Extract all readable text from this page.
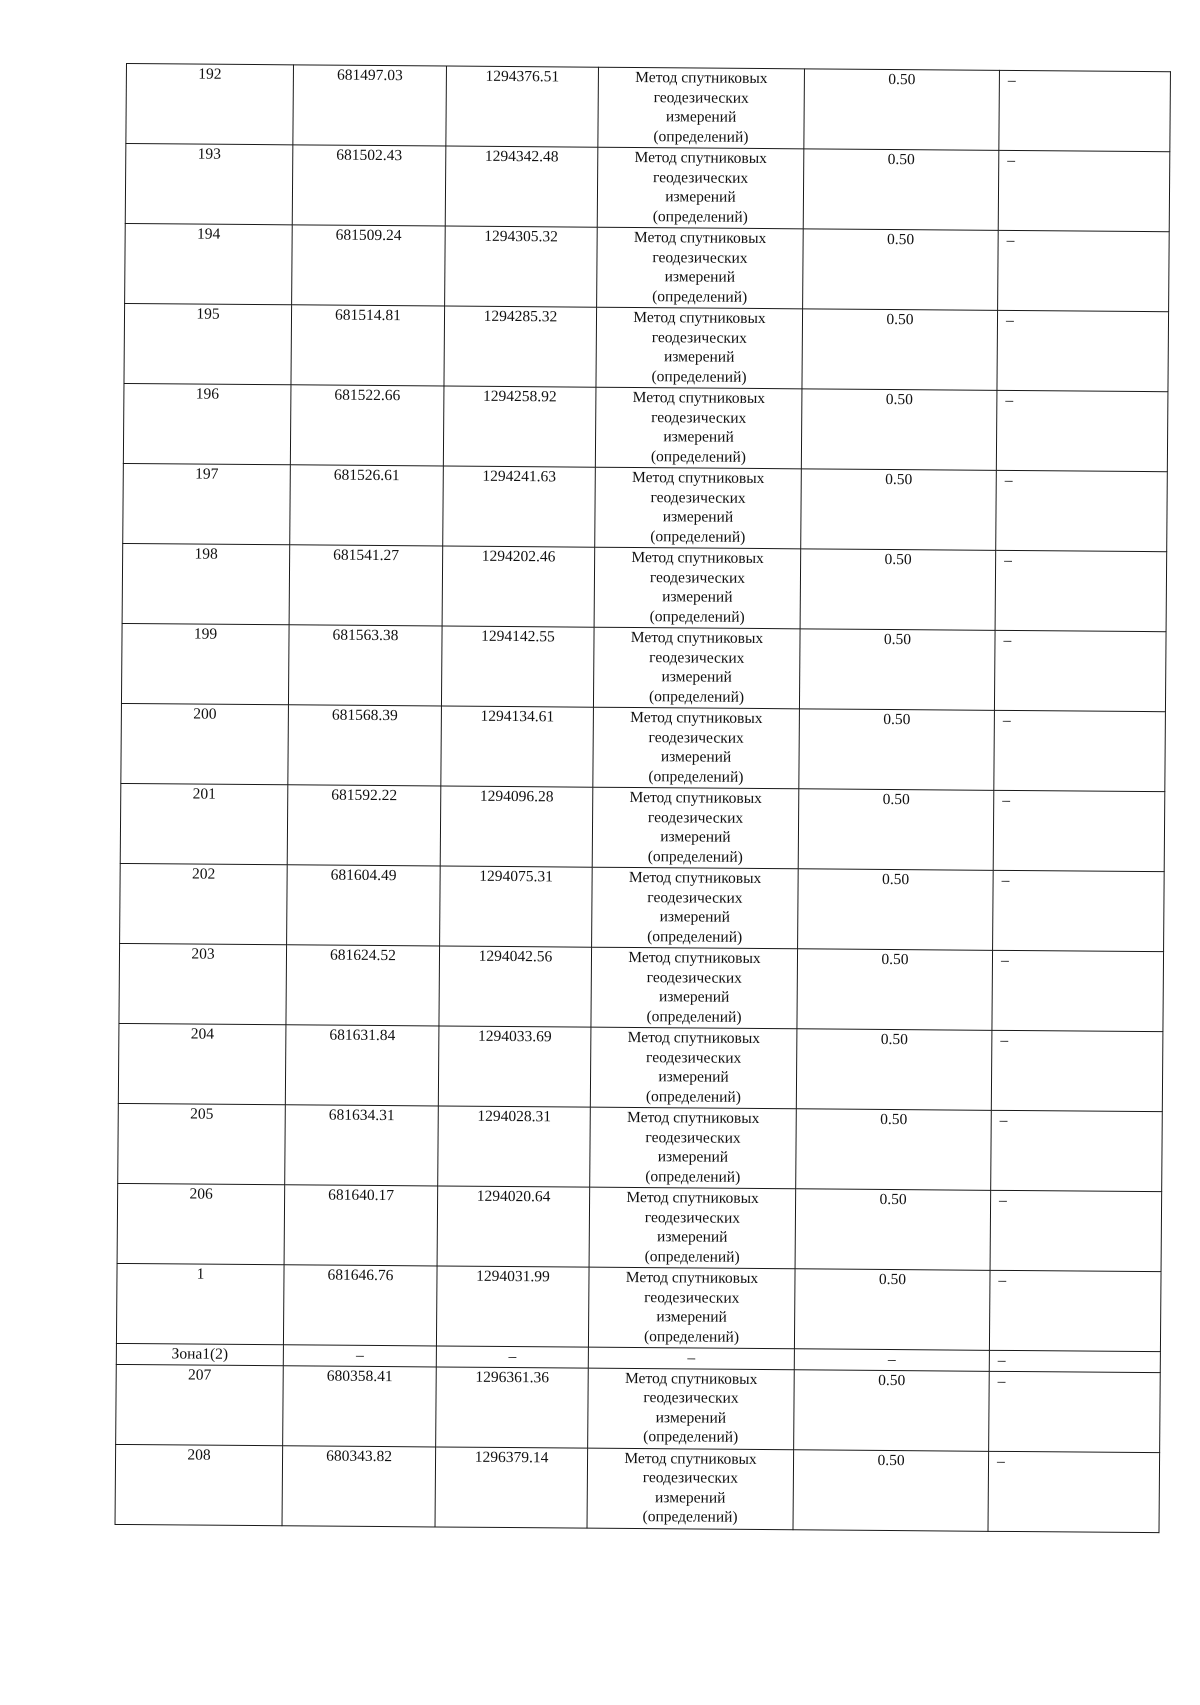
192	681497.03	1294376.51	Метод спутниковых
геодезических
измерений
(определений)	0.50	–
193	681502.43	1294342.48	Метод спутниковых
геодезических
измерений
(определений)	0.50	–
194	681509.24	1294305.32	Метод спутниковых
геодезических
измерений
(определений)	0.50	–
195	681514.81	1294285.32	Метод спутниковых
геодезических
измерений
(определений)	0.50	–
196	681522.66	1294258.92	Метод спутниковых
геодезических
измерений
(определений)	0.50	–
197	681526.61	1294241.63	Метод спутниковых
геодезических
измерений
(определений)	0.50	–
198	681541.27	1294202.46	Метод спутниковых
геодезических
измерений
(определений)	0.50	–
199	681563.38	1294142.55	Метод спутниковых
геодезических
измерений
(определений)	0.50	–
200	681568.39	1294134.61	Метод спутниковых
геодезических
измерений
(определений)	0.50	–
201	681592.22	1294096.28	Метод спутниковых
геодезических
измерений
(определений)	0.50	–
202	681604.49	1294075.31	Метод спутниковых
геодезических
измерений
(определений)	0.50	–
203	681624.52	1294042.56	Метод спутниковых
геодезических
измерений
(определений)	0.50	–
204	681631.84	1294033.69	Метод спутниковых
геодезических
измерений
(определений)	0.50	–
205	681634.31	1294028.31	Метод спутниковых
геодезических
измерений
(определений)	0.50	–
206	681640.17	1294020.64	Метод спутниковых
геодезических
измерений
(определений)	0.50	–
1	681646.76	1294031.99	Метод спутниковых
геодезических
измерений
(определений)	0.50	–
Зона1(2)	–	–	–	–	–
207	680358.41	1296361.36	Метод спутниковых
геодезических
измерений
(определений)	0.50	–
208	680343.82	1296379.14	Метод спутниковых
геодезических
измерений
(определений)	0.50	–
